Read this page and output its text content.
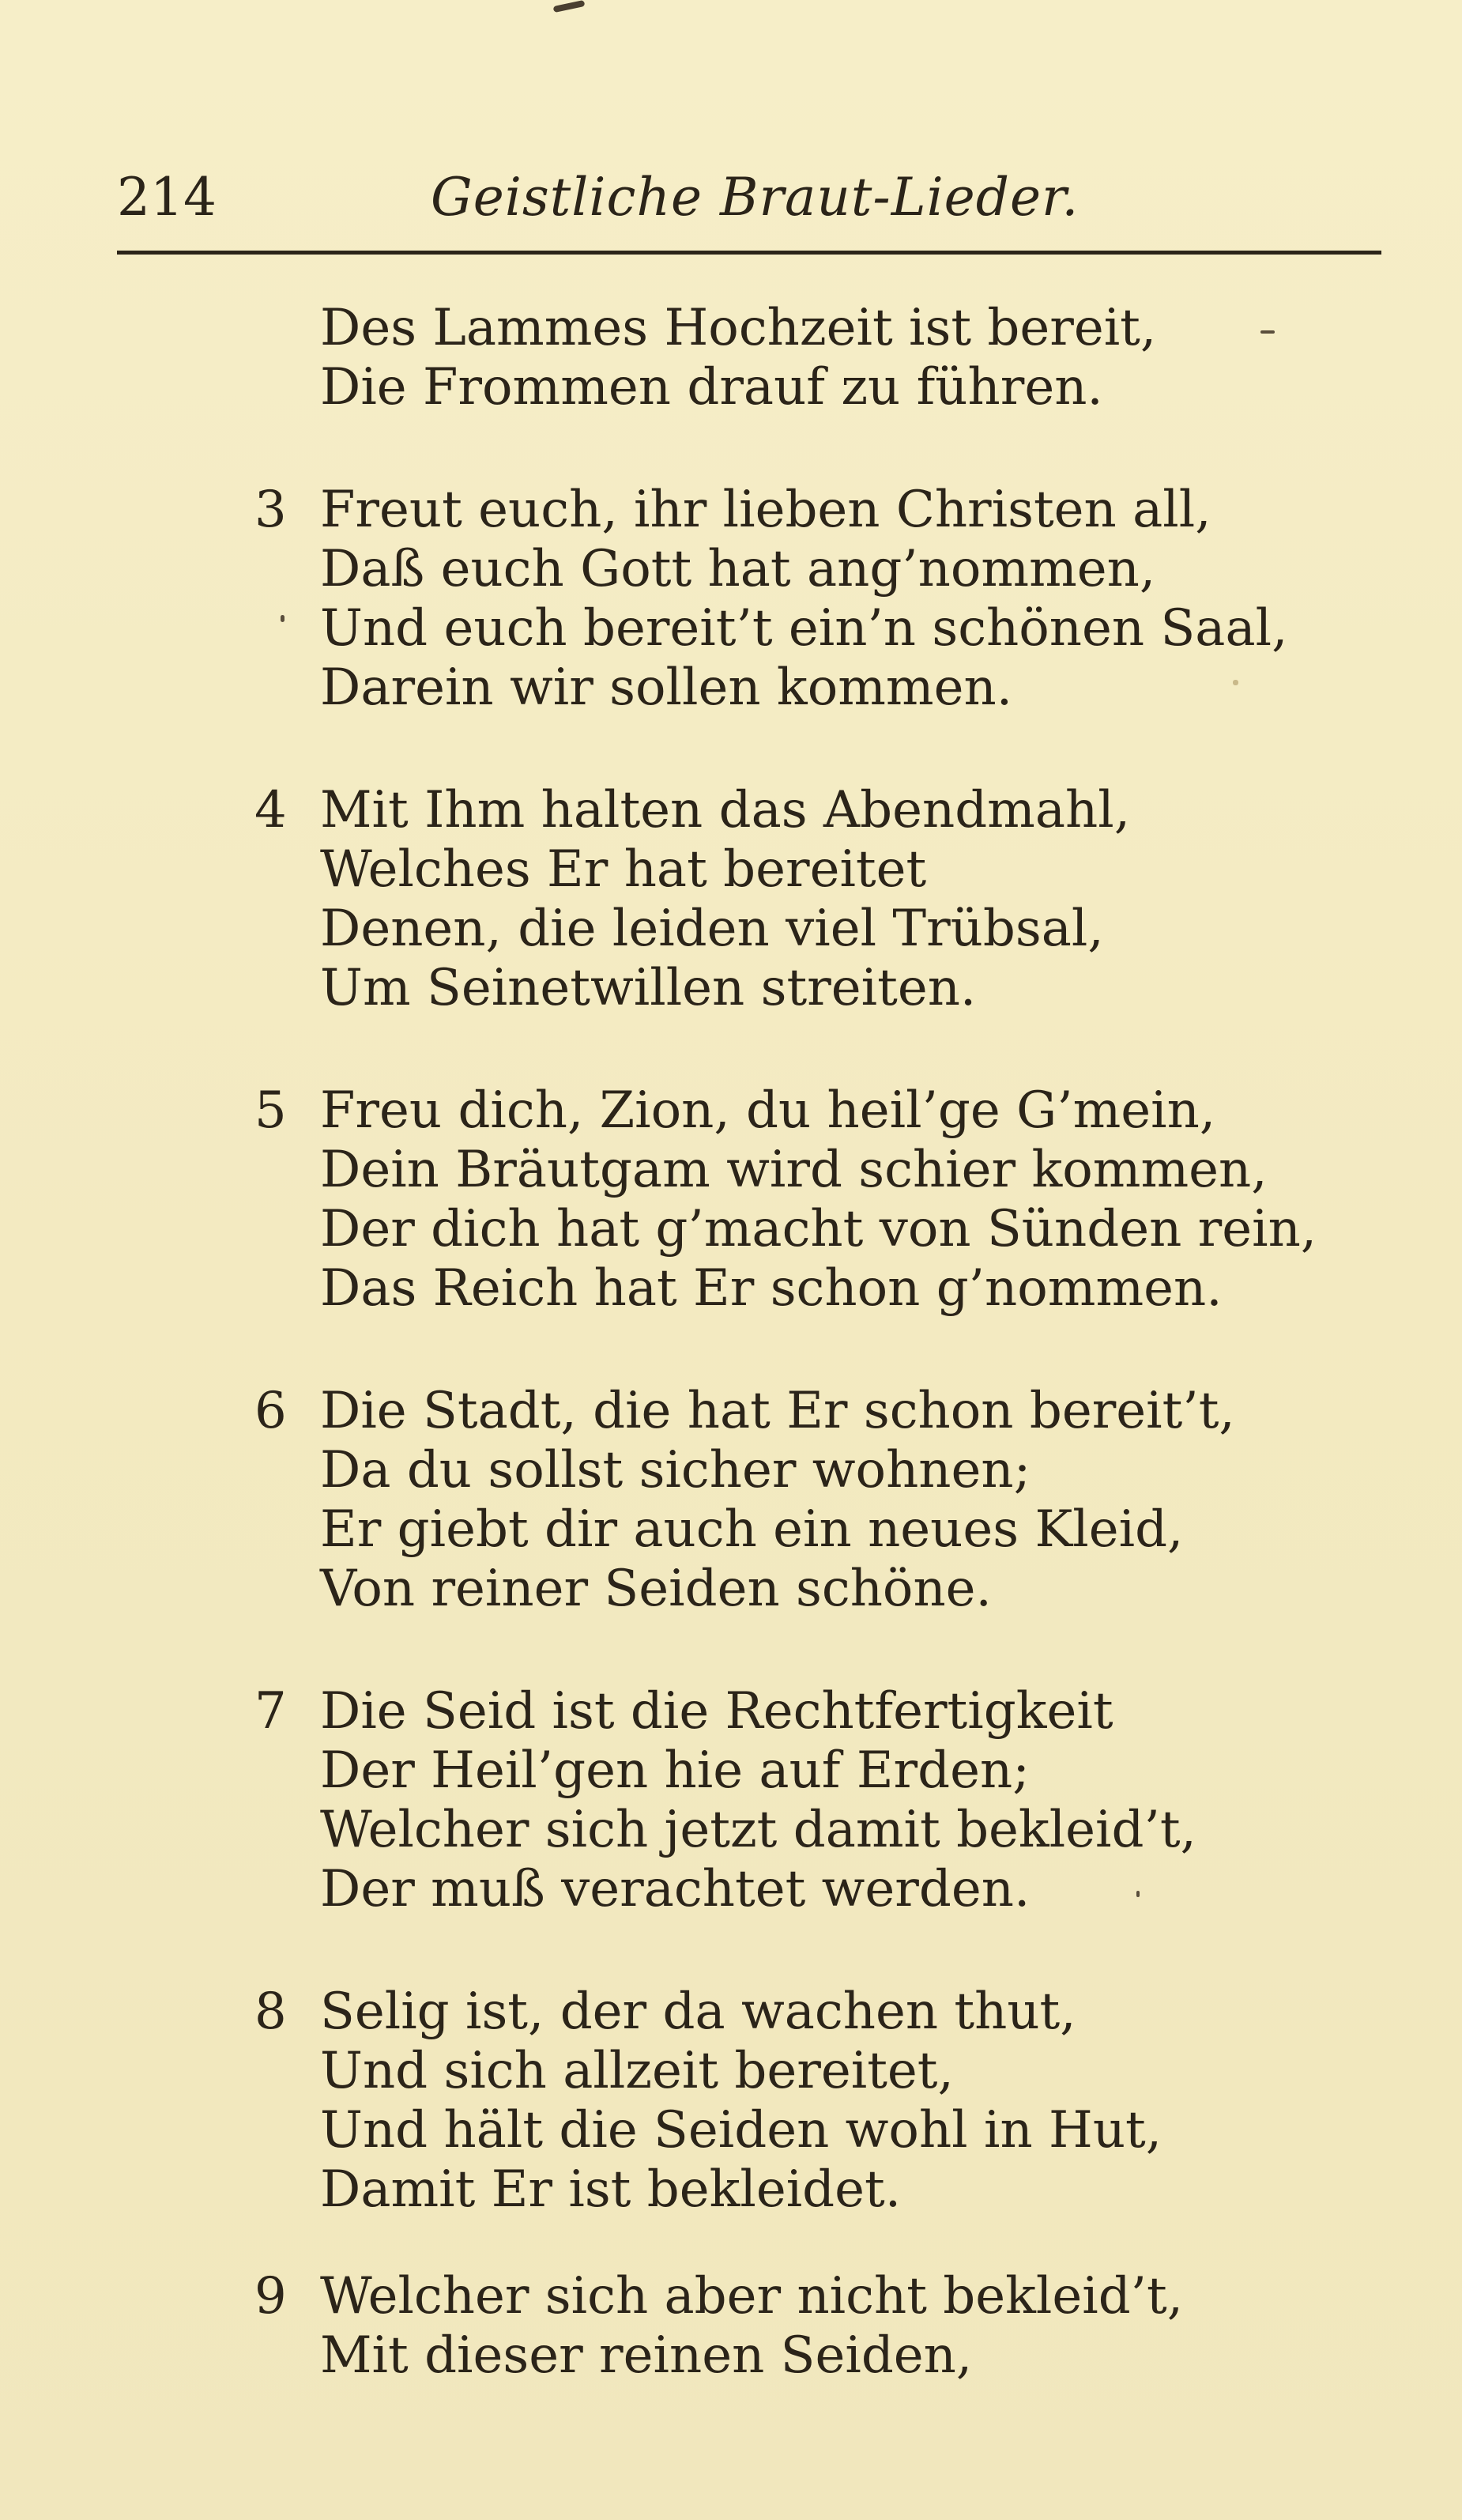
214	Geistliche Braut-Lieder.
Des Lammes Hochzeit ist bereit,
Die Frommen drauf zu führen.
3 Freut euch, ihr lieben Christen all,
Daß euch Gott hat ang’nommen,
Und euch bereit’t ein’n schönen Saal,
Darein wir sollen kommen.
4 Mit Ihm halten das Abendmahl,
Welches Er hat bereitet
Denen, die leiden viel Trübsal,
Um Seinetwillen streiten.
5 Freu dich, Zion, du heil’ge G’mein,
Dein Bräutgam wird schier kommen,
Der dich hat g’macht von Sünden rein,
Das Reich hat Er schon g’nommen.
6 Die Stadt, die hat Er schon bereit’t,
Da du sollst sicher wohnen;
Er giebt dir auch ein neues Kleid,
Von reiner Seiden schöne.
7 Die Seid ist die Rechtfertigkeit
Der Heil’gen hie auf Erden;
Welcher sich jetzt damit bekleid’t,
Der muß verachtet werden.
8 Selig ist, der da wachen thut,
Und sich allzeit bereitet,
Und hält die Seiden wohl in Hut,
Damit Er ist bekleidet.
9 Welcher sich aber nicht bekleid’t,
Mit dieser reinen Seiden,
